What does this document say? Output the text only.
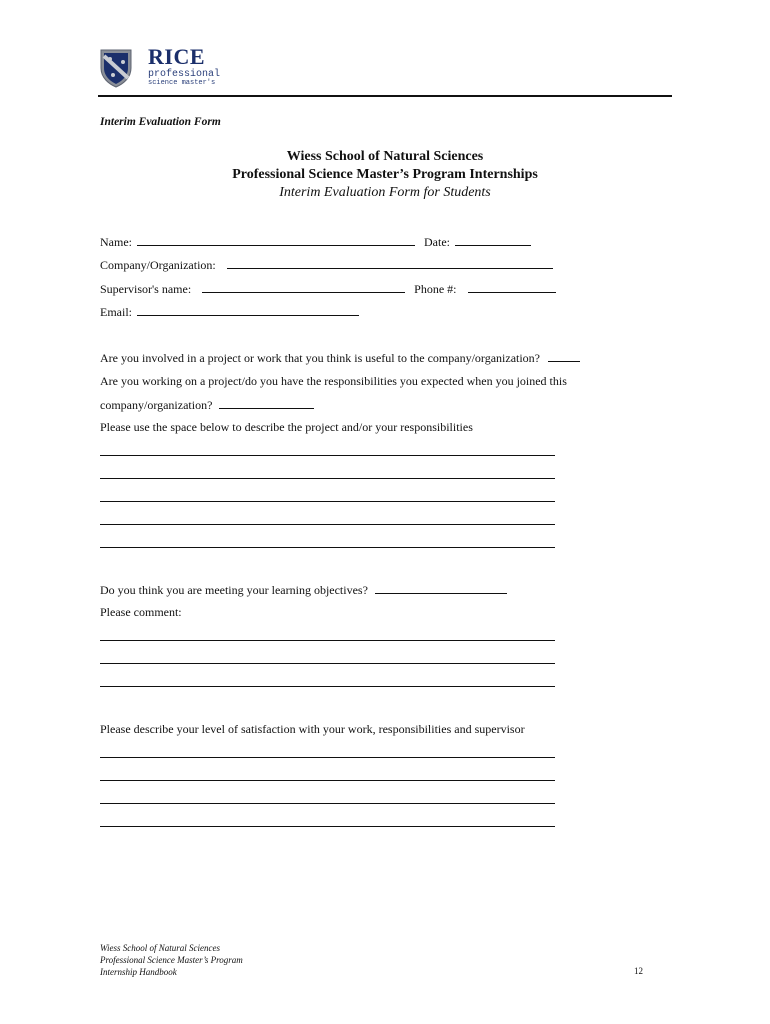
RICE
professional
science master's
Interim Evaluation Form
Wiess School of Natural Sciences
Professional Science Master’s Program Internships
Interim Evaluation Form for Students
Name:	Date:
Company/Organization:
Supervisor's name:	Phone #:
Email:
Are you involved in a project or work that you think is useful to the company/organization?
Are you working on a project/do you have the responsibilities you expected when you joined this
company/organization?
Please use the space below to describe the project and/or your responsibilities
Do you think you are meeting your learning objectives?
Please comment:
Please describe your level of satisfaction with your work, responsibilities and supervisor
Wiess School of Natural Sciences
Professional Science Master’s Program
Internship Handbook	12
